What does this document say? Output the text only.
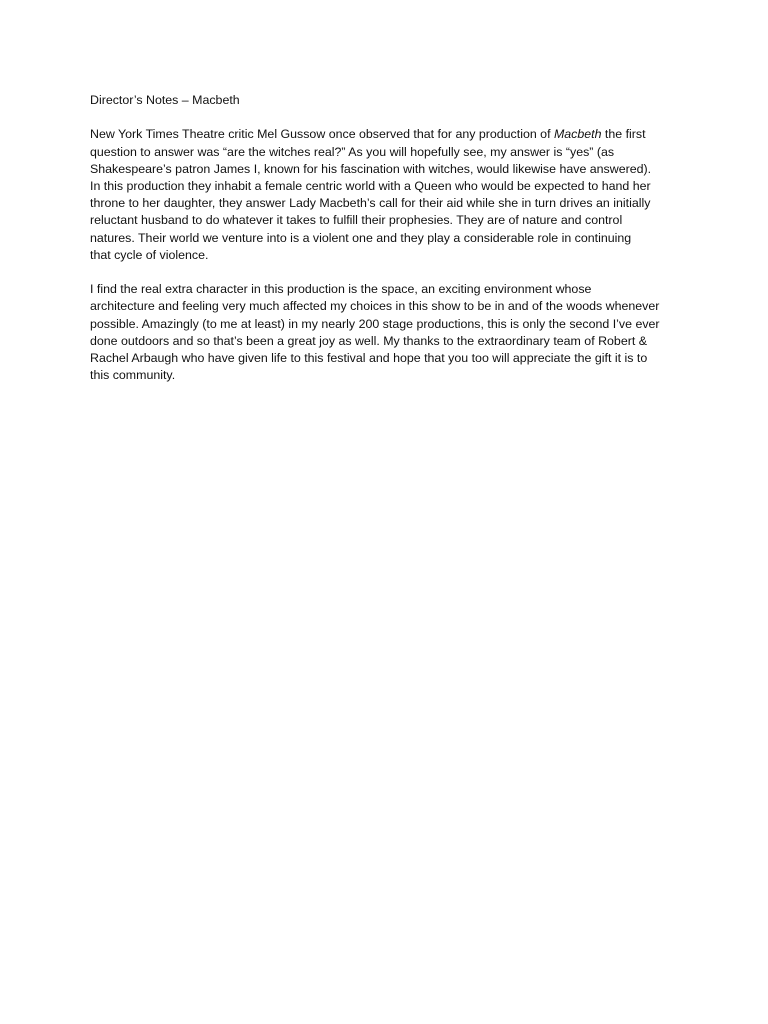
Director’s Notes – Macbeth
New York Times Theatre critic Mel Gussow once observed that for any production of Macbeth the first
question to answer was “are the witches real?” As you will hopefully see, my answer is “yes” (as
Shakespeare’s patron James I, known for his fascination with witches, would likewise have answered).
In this production they inhabit a female centric world with a Queen who would be expected to hand her
throne to her daughter, they answer Lady Macbeth’s call for their aid while she in turn drives an initially
reluctant husband to do whatever it takes to fulfill their prophesies. They are of nature and control
natures. Their world we venture into is a violent one and they play a considerable role in continuing
that cycle of violence.
I find the real extra character in this production is the space, an exciting environment whose
architecture and feeling very much affected my choices in this show to be in and of the woods whenever
possible. Amazingly (to me at least) in my nearly 200 stage productions, this is only the second I’ve ever
done outdoors and so that’s been a great joy as well. My thanks to the extraordinary team of Robert &
Rachel Arbaugh who have given life to this festival and hope that you too will appreciate the gift it is to
this community.
